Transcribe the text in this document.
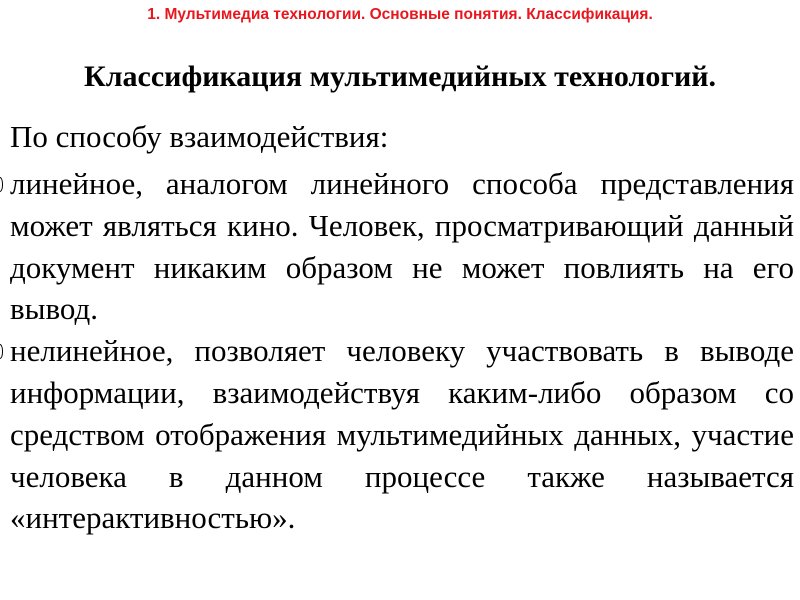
1. Мультимедиа технологии. Основные понятия. Классификация.
Классификация мультимедийных технологий.
По способу взаимодействия:
линейное, аналогом линейного способа представления может являться кино. Человек, просматривающий данный документ никаким образом не может повлиять на его вывод.
нелинейное, позволяет человеку участвовать в выводе информации, взаимодействуя каким-либо образом со средством отображения мультимедийных данных, участие человека в данном процессе также называется «интерактивностью».
